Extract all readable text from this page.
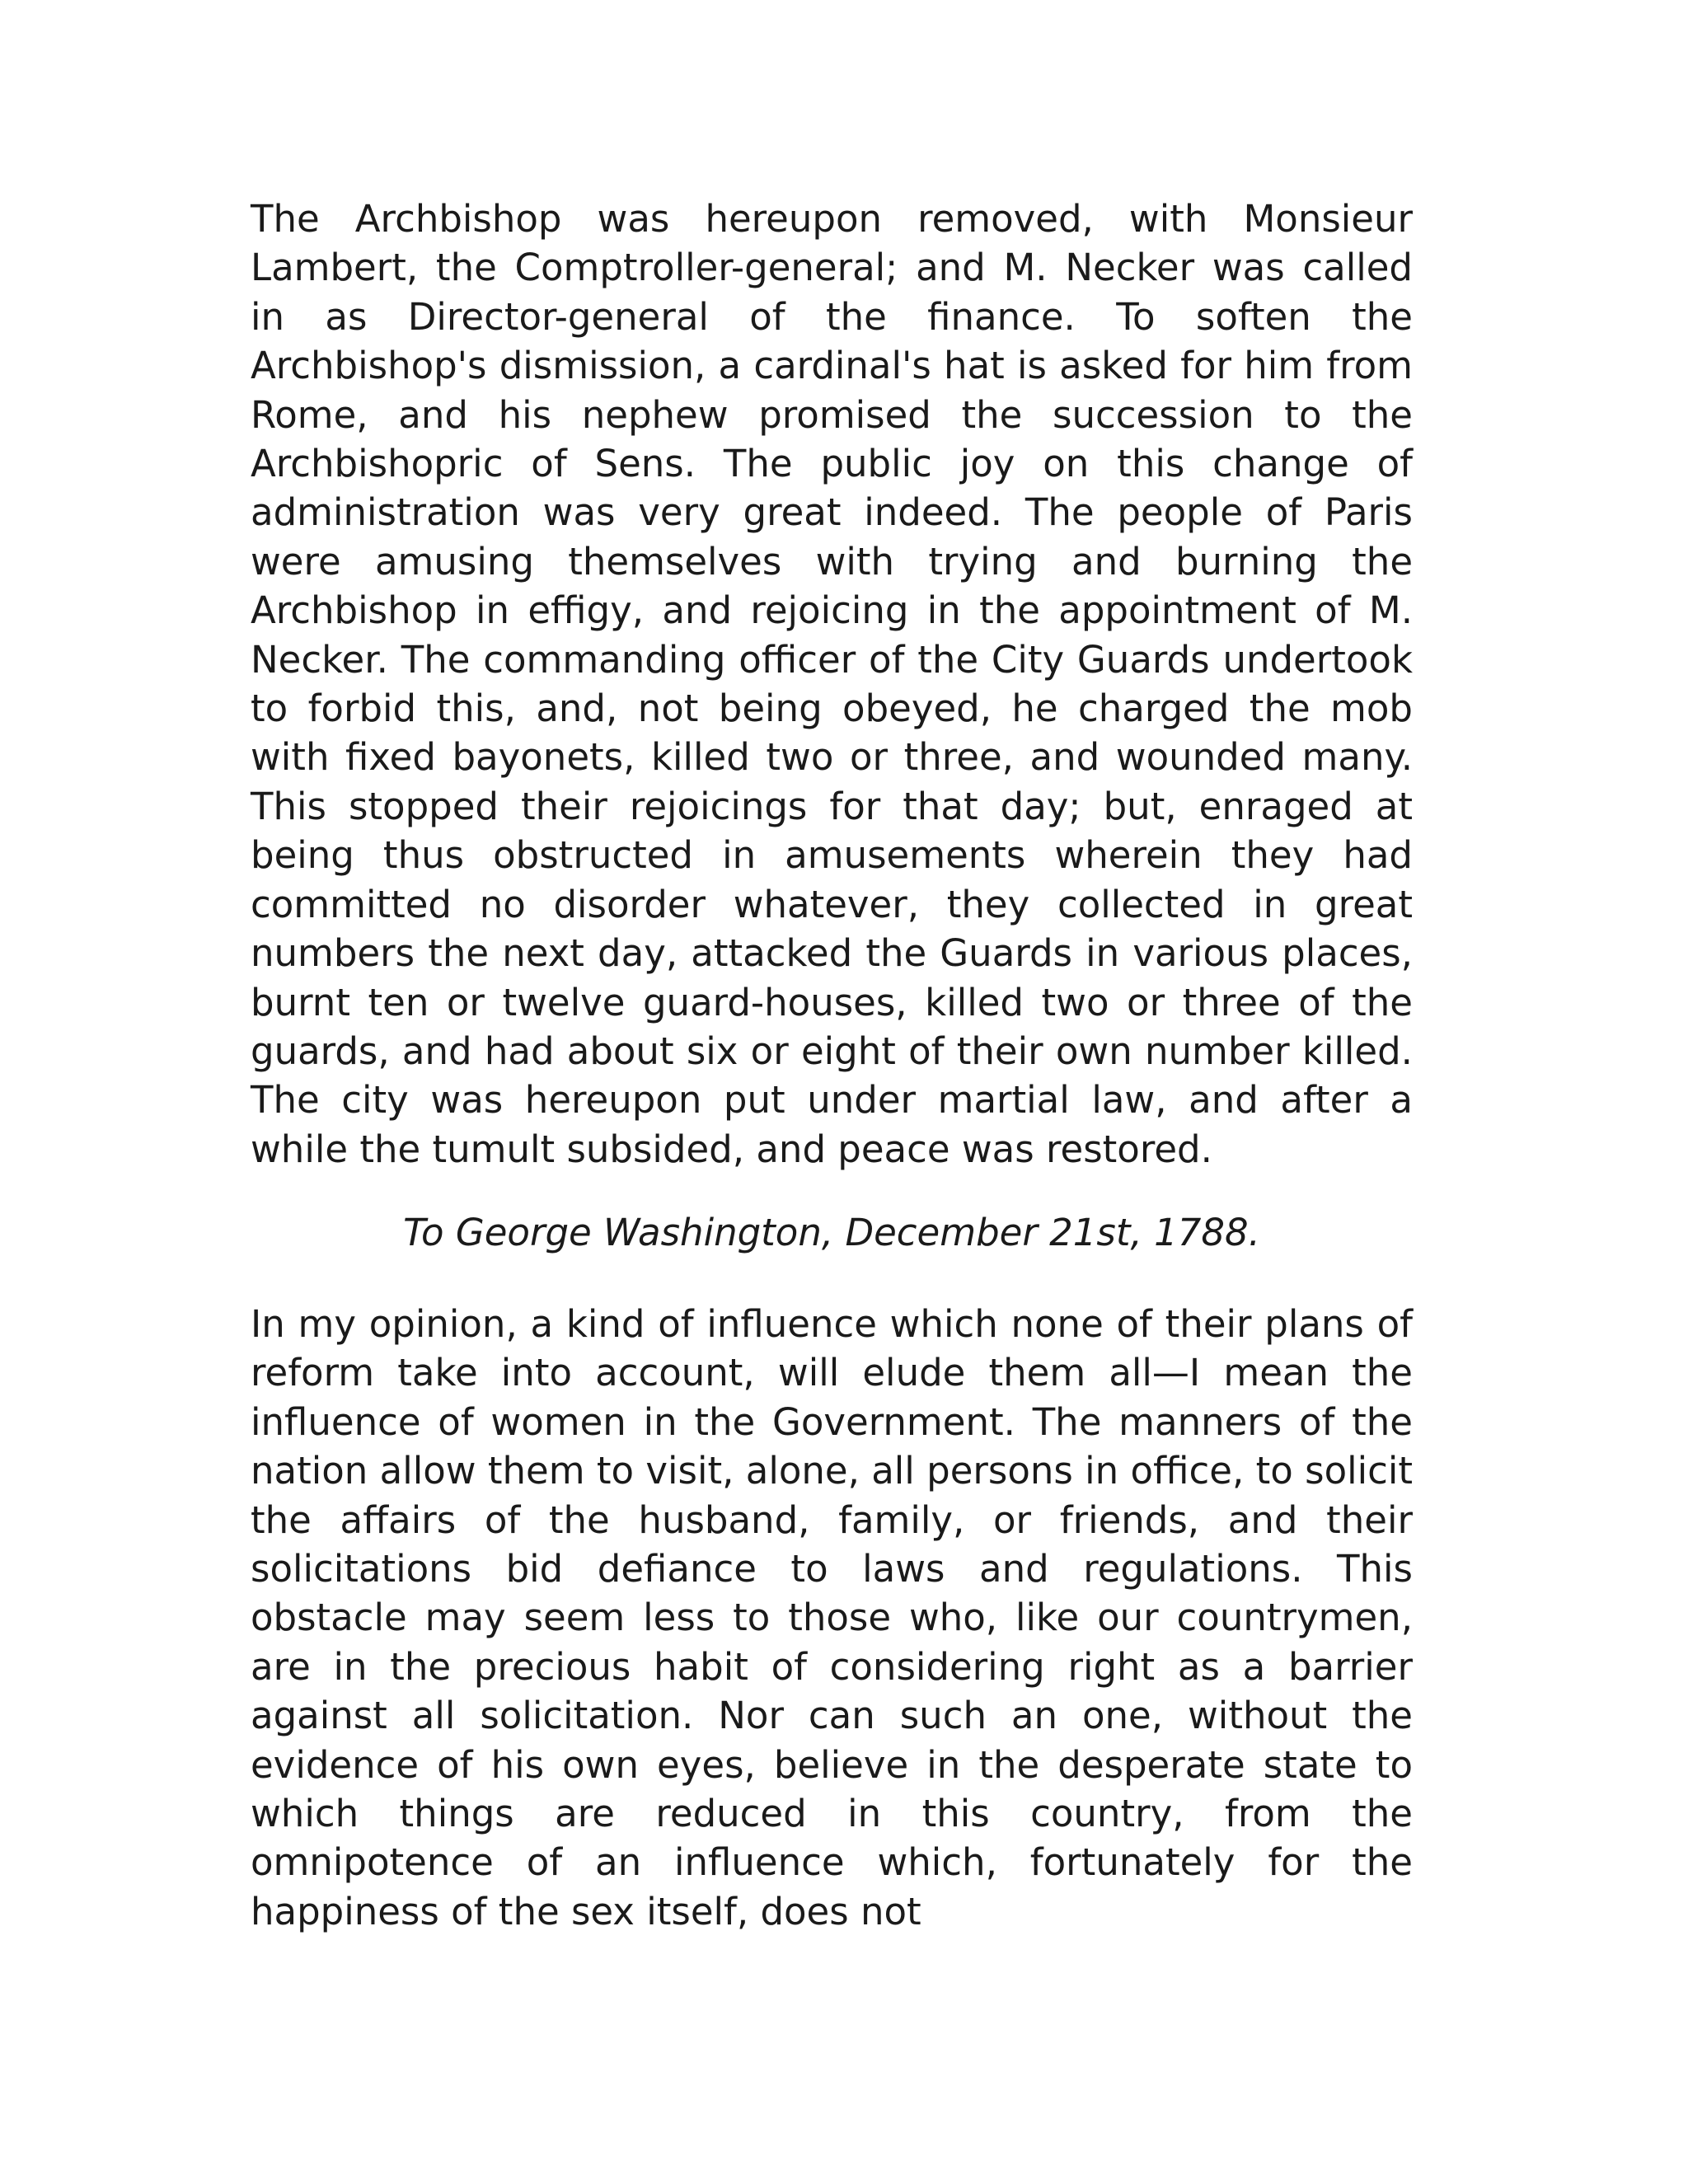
The Archbishop was hereupon removed, with Monsieur Lambert, the Comptroller-general; and M. Necker was called in as Director-general of the finance. To soften the Archbishop's dismission, a cardinal's hat is asked for him from Rome, and his nephew promised the succession to the Archbishopric of Sens. The public joy on this change of administration was very great indeed. The people of Paris were amusing themselves with trying and burning the Archbishop in effigy, and rejoicing in the appointment of M. Necker. The commanding officer of the City Guards undertook to forbid this, and, not being obeyed, he charged the mob with fixed bayonets, killed two or three, and wounded many. This stopped their rejoicings for that day; but, enraged at being thus obstructed in amusements wherein they had committed no disorder whatever, they collected in great numbers the next day, attacked the Guards in various places, burnt ten or twelve guard-houses, killed two or three of the guards, and had about six or eight of their own number killed. The city was hereupon put under martial law, and after a while the tumult subsided, and peace was restored.

To George Washington, December 21st, 1788.

In my opinion, a kind of influence which none of their plans of reform take into account, will elude them all—I mean the influence of women in the Government. The manners of the nation allow them to visit, alone, all persons in office, to solicit the affairs of the husband, family, or friends, and their solicitations bid defiance to laws and regulations. This obstacle may seem less to those who, like our countrymen, are in the precious habit of considering right as a barrier against all solicitation. Nor can such an one, without the evidence of his own eyes, believe in the desperate state to which things are reduced in this country, from the omnipotence of an influence which, fortunately for the happiness of the sex itself, does not
